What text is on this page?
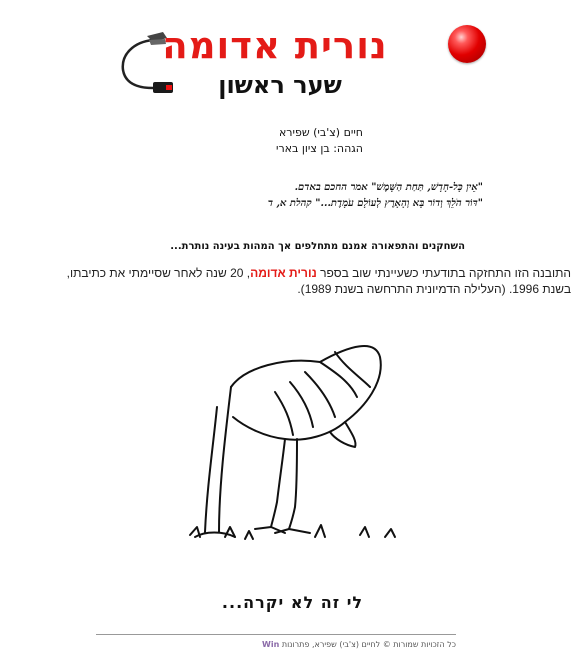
נורית אדומה
שער ראשון
חיים (צ'בי) שפירא
הגהה: בן ציון בארי
"אֵין כָּל-חָדָשׁ, תַּחַת הַשָּׁמֶשׁ" אמר החכם באדם.
"דּוֹר הֹלֵךְ וְדוֹר בָּא וְהָאָרֶץ לְעוֹלָם עֹמָדֶת..." קהלת א, ד
השחקנים והתפאורה אמנם מתחלפים אך המהות בעינה נותרת...
התובנה הזו התחזקה בתודעתי כשעיינתי שוב בספר נורית אדומה, 20 שנה לאחר שסיימתי את כתיבתו, בשנת 1996. (העלילה הדמיונית התרחשה בשנת 1989).
לי זה לא יקרה...
כל הזכויות שמורות © לחיים (צ'בי) שפירא, פתרונות Win
